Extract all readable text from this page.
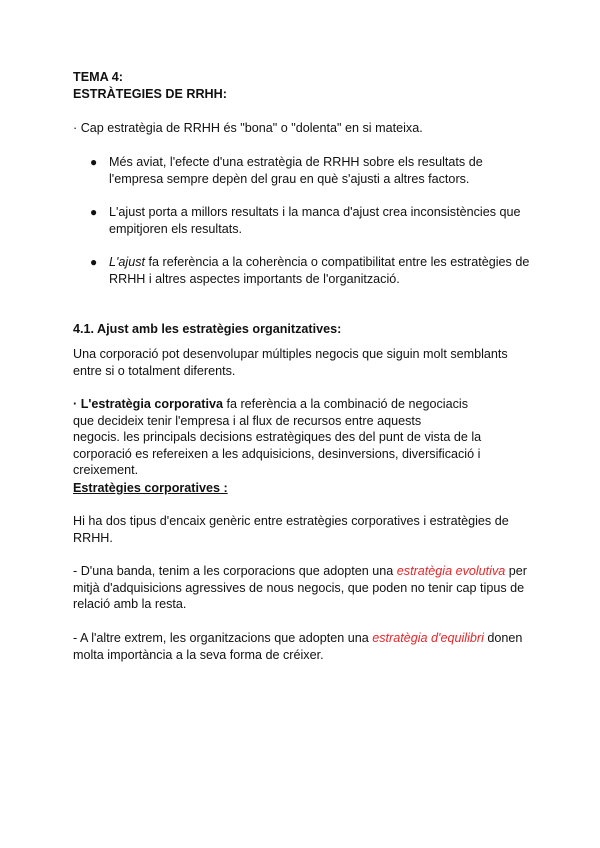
TEMA 4:

ESTRÀTEGIES DE RRHH:

· Cap estratègia de RRHH és "bona" o "dolenta" en si mateixa.

● Més aviat, l'efecte d'una estratègia de RRHH sobre els resultats de l'empresa sempre depèn del grau en què s'ajusti a altres factors.

● L'ajust porta a millors resultats i la manca d'ajust crea inconsistències que empitjoren els resultats.

● L'ajust fa referència a la coherència o compatibilitat entre les estratègies de RRHH i altres aspectes importants de l'organització.

4.1. Ajust amb les estratègies organitzatives:

Una corporació pot desenvolupar múltiples negocis que siguin molt semblants entre si o totalment diferents.

· L'estratègia corporativa fa referència a la combinació de negociacis que decideix tenir l'empresa i al flux de recursos entre aquests

negocis. les principals decisions estratègiques des del punt de vista de la corporació es refereixen a les adquisicions, desinversions, diversificació i creixement.

Estratègies corporatives :

Hi ha dos tipus d'encaix genèric entre estratègies corporatives i estratègies de RRHH.

- D'una banda, tenim a les corporacions que adopten una estratègia evolutiva per mitjà d'adquisicions agressives de nous negocis, que poden no tenir cap tipus de relació amb la resta.

- A l'altre extrem, les organitzacions que adopten una estratègia d'equilibri donen molta importància a la seva forma de créixer.
